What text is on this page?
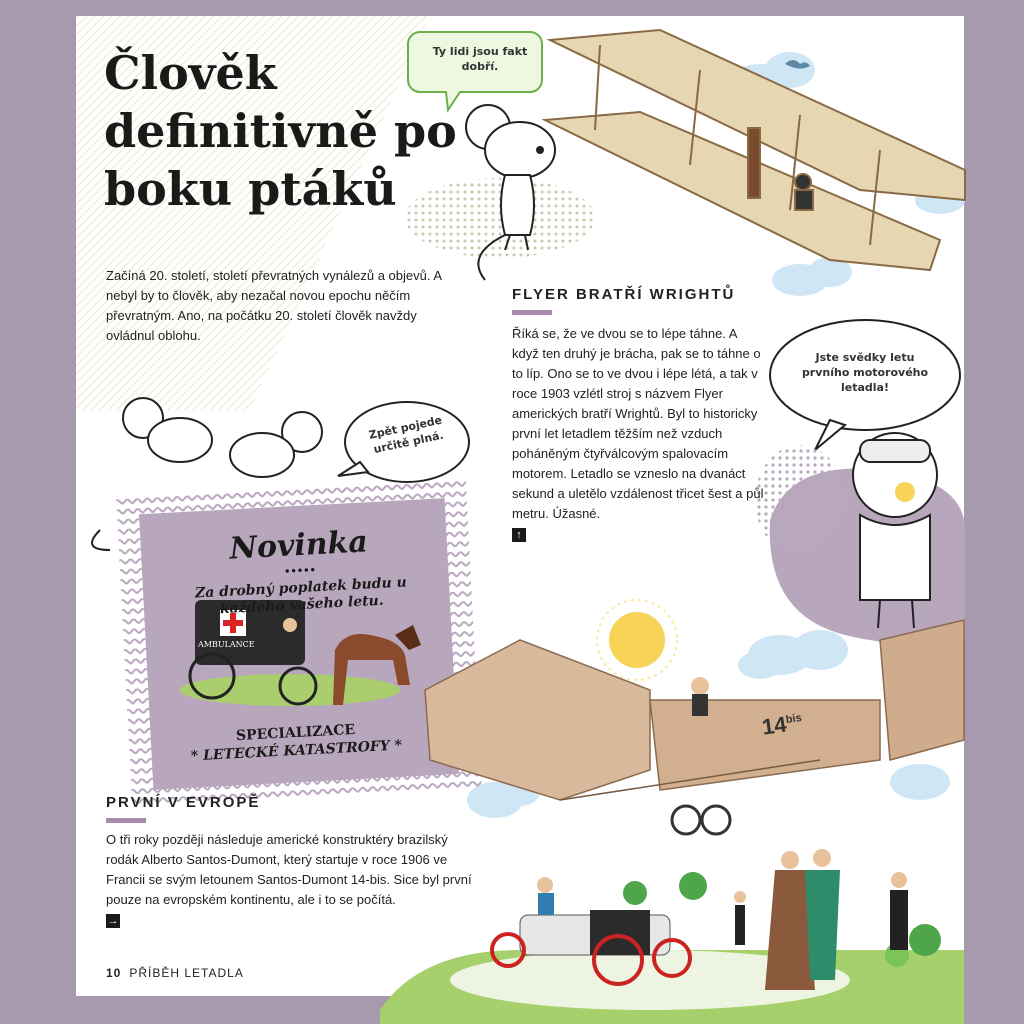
Člověk
definitivně po
boku ptáků
Začíná 20. století, století převratných vynálezů a objevů. A nebyl by to člověk, aby nezačal novou epochu něčím převratným. Ano, na počátku 20. století člověk navždy ovládnul oblohu.
Ty lidi jsou fakt dobří.
Zpět pojede určitě plná.
Jste svědky letu prvního motorového letadla!
FLYER BRATŘÍ WRIGHTŮ
Říká se, že ve dvou se to lépe táhne. A když ten druhý je brácha, pak se to táhne o to líp. Ono se to ve dvou i lépe létá, a tak v roce 1903 vzlétl stroj s názvem Flyer amerických bratří Wrightů. Byl to historicky první let letadlem těžším než vzduch poháněným čtyřválcovým spalovacím motorem. Letadlo se vzneslo na dvanáct sekund a uletělo vzdálenost třicet šest a půl metru. Úžasné.
↑
Novinka
•••••
Za drobný poplatek budu u každého vašeho letu.
AMBULANCE
SPECIALIZACE
* LETECKÉ KATASTROFY *
$14^{bis}$
PRVNÍ V EVROPĚ
O tři roky později následuje americké konstruktéry brazilský rodák Alberto Santos-Dumont, který startuje v roce 1906 ve Francii se svým letounem Santos-Dumont 14-bis. Sice byl první pouze na evropském kontinentu, ale i to se počítá.
→
10 PŘÍBĚH LETADLA
